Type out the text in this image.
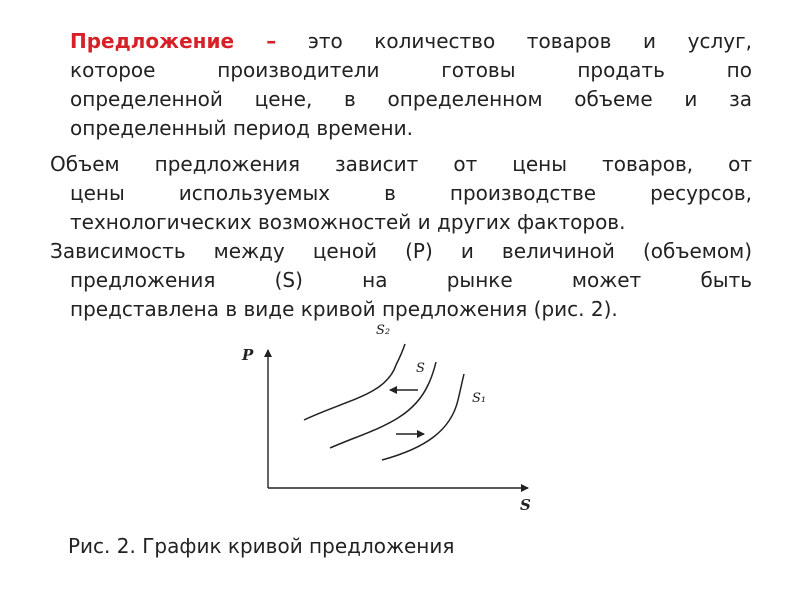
Предложение – это количество товаров и услуг,
которое производители готовы продать по
определенной цене, в определенном объеме и за
определенный период времени.

Объем предложения зависит от цены товаров, от
цены используемых в производстве ресурсов,
технологических возможностей и других факторов.

Зависимость между ценой (P) и величиной (объемом)
предложения (S) на рынке может быть
представлена в виде кривой предложения (рис. 2).

P
S
S₂
S
S₁
Рис. 2. График кривой предложения
